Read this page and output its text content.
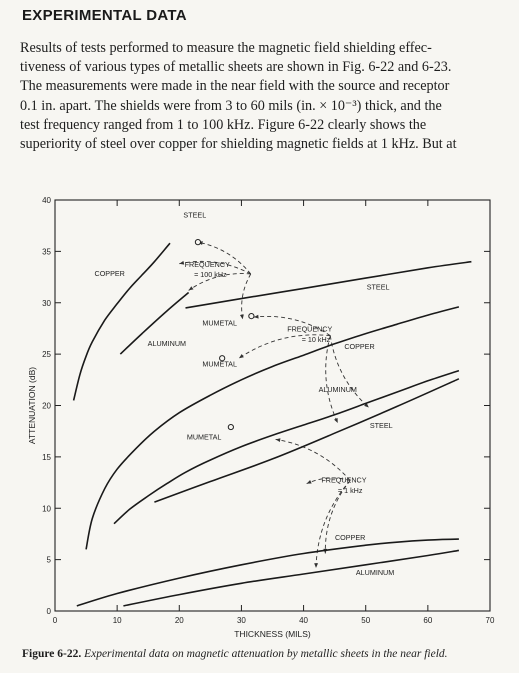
EXPERIMENTAL DATA
Results of tests performed to measure the magnetic field shielding effec-
tiveness of various types of metallic sheets are shown in Fig. 6-22 and 6-23.
The measurements were made in the near field with the source and receptor
0.1 in. apart. The shields were from 3 to 60 mils (in. × 10⁻³) thick, and the
test frequency ranged from 1 to 100 kHz. Figure 6-22 clearly shows the
superiority of steel over copper for shielding magnetic fields at 1 kHz. But at
0	10	20	30	40	50	60	70
0
5
10
15
20
25
30
35
40
STEEL
COPPER
FREQUENCY
= 100 kHz
STEEL
MUMETAL
ALUMINUM
FREQUENCY
= 10 kHz
MUMETAL
COPPER
ALUMINUM
STEEL
MUMETAL
FREQUENCY
= 1 kHz
COPPER
ALUMINUM
THICKNESS (MILS)
ATTENUATION (dB)
Figure 6-22. Experimental data on magnetic attenuation by metallic sheets in the near field.
